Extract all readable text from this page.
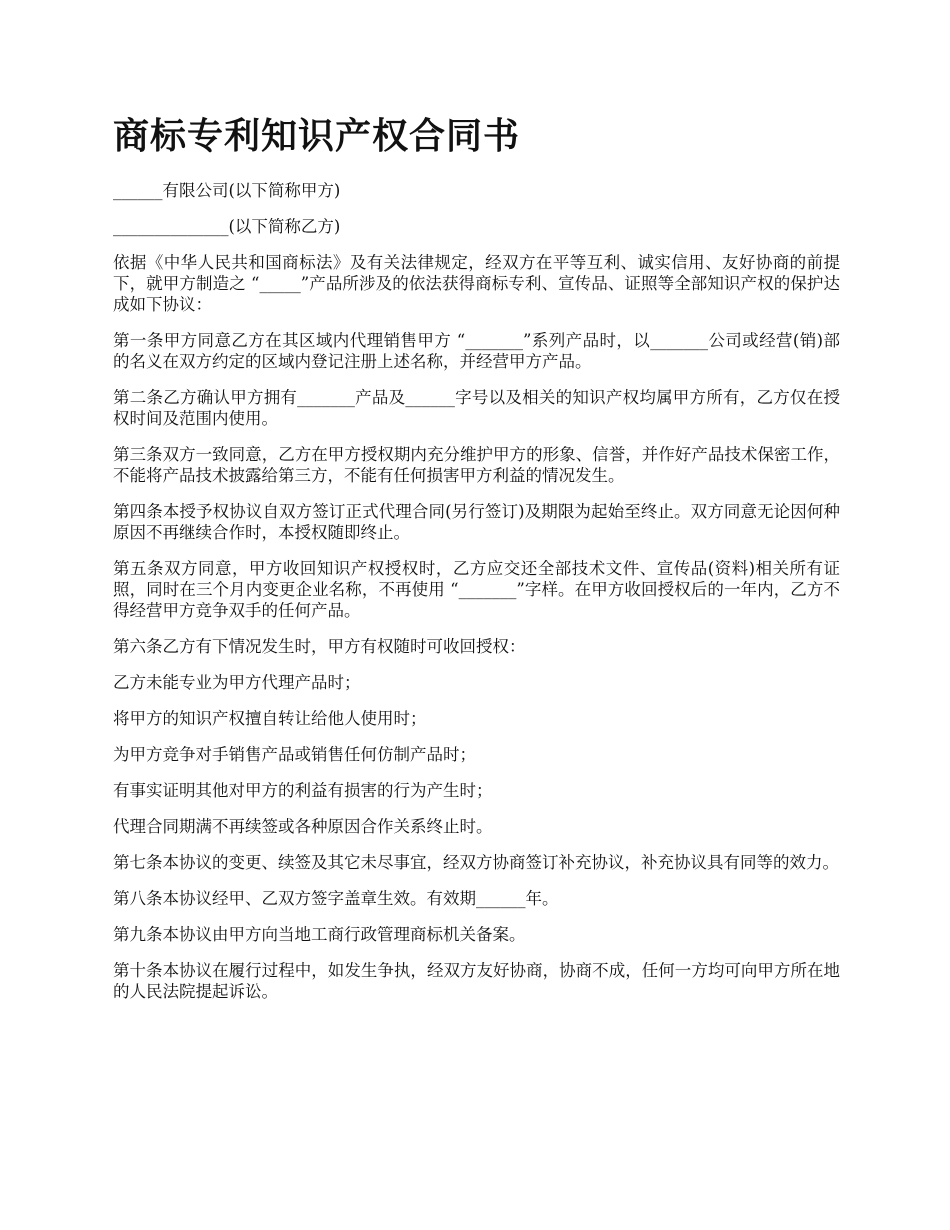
商标专利知识产权合同书

______有限公司(以下简称甲方)

______________(以下简称乙方)

依据《中华人民共和国商标法》及有关法律规定，经双方在平等互利、诚实信用、友好协商的前提下，就甲方制造之 “_____”产品所涉及的依法获得商标专利、宣传品、证照等全部知识产权的保护达成如下协议：

第一条甲方同意乙方在其区域内代理销售甲方 “_______”系列产品时，以_______公司或经营(销)部的名义在双方约定的区域内登记注册上述名称，并经营甲方产品。

第二条乙方确认甲方拥有_______产品及______字号以及相关的知识产权均属甲方所有，乙方仅在授权时间及范围内使用。

第三条双方一致同意，乙方在甲方授权期内充分维护甲方的形象、信誉，并作好产品技术保密工作，不能将产品技术披露给第三方，不能有任何损害甲方利益的情况发生。

第四条本授予权协议自双方签订正式代理合同(另行签订)及期限为起始至终止。双方同意无论因何种原因不再继续合作时，本授权随即终止。

第五条双方同意，甲方收回知识产权授权时，乙方应交还全部技术文件、宣传品(资料)相关所有证照，同时在三个月内变更企业名称，不再使用 “_______”字样。在甲方收回授权后的一年内，乙方不得经营甲方竞争双手的任何产品。

第六条乙方有下情况发生时，甲方有权随时可收回授权：

乙方未能专业为甲方代理产品时；

将甲方的知识产权擅自转让给他人使用时；

为甲方竞争对手销售产品或销售任何仿制产品时；

有事实证明其他对甲方的利益有损害的行为产生时；

代理合同期满不再续签或各种原因合作关系终止时。

第七条本协议的变更、续签及其它未尽事宜，经双方协商签订补充协议，补充协议具有同等的效力。

第八条本协议经甲、乙双方签字盖章生效。有效期______年。

第九条本协议由甲方向当地工商行政管理商标机关备案。

第十条本协议在履行过程中，如发生争执，经双方友好协商，协商不成，任何一方均可向甲方所在地的人民法院提起诉讼。
